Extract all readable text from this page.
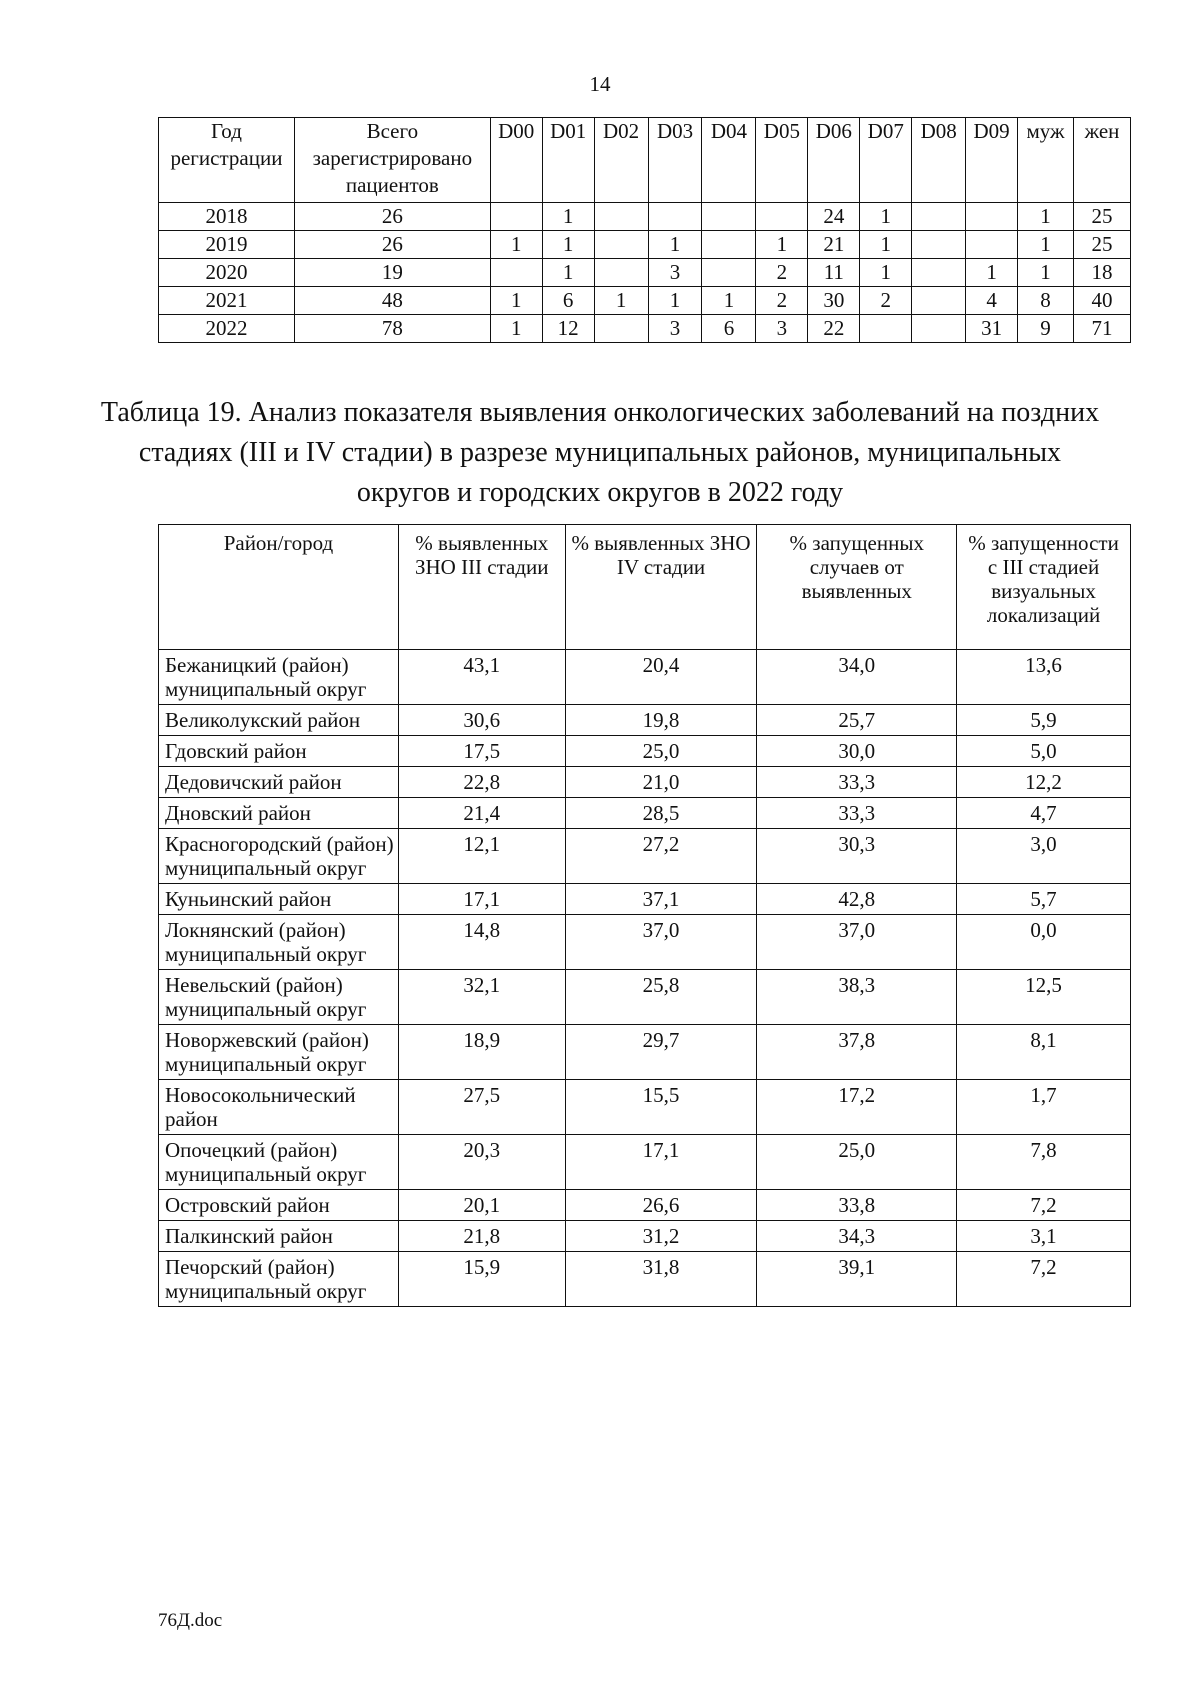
14
Год регистрации	Всего зарегистрировано пациентов	D00	D01	D02	D03	D04	D05	D06	D07	D08	D09	муж	жен
2018	26		1					24	1			1	25
2019	26	1	1		1		1	21	1			1	25
2020	19		1		3		2	11	1		1	1	18
2021	48	1	6	1	1	1	2	30	2		4	8	40
2022	78	1	12		3	6	3	22			31	9	71
Таблица 19. Анализ показателя выявления онкологических заболеваний на поздних стадиях (III и IV стадии) в разрезе муниципальных районов, муниципальных округов и городских округов в 2022 году
Район/город	% выявленных ЗНО III стадии	% выявленных ЗНО IV стадии	% запущенных случаев от выявленных	% запущенности с III стадией визуальных локализаций
Бежаницкий (район) муниципальный округ	43,1	20,4	34,0	13,6
Великолукский район	30,6	19,8	25,7	5,9
Гдовский район	17,5	25,0	30,0	5,0
Дедовичский район	22,8	21,0	33,3	12,2
Дновский район	21,4	28,5	33,3	4,7
Красногородский (район) муниципальный округ	12,1	27,2	30,3	3,0
Куньинский район	17,1	37,1	42,8	5,7
Локнянский (район) муниципальный округ	14,8	37,0	37,0	0,0
Невельский (район) муниципальный округ	32,1	25,8	38,3	12,5
Новоржевский (район) муниципальный округ	18,9	29,7	37,8	8,1
Новосокольнический район	27,5	15,5	17,2	1,7
Опочецкий (район) муниципальный округ	20,3	17,1	25,0	7,8
Островский район	20,1	26,6	33,8	7,2
Палкинский район	21,8	31,2	34,3	3,1
Печорский (район) муниципальный округ	15,9	31,8	39,1	7,2
76Д.doc
